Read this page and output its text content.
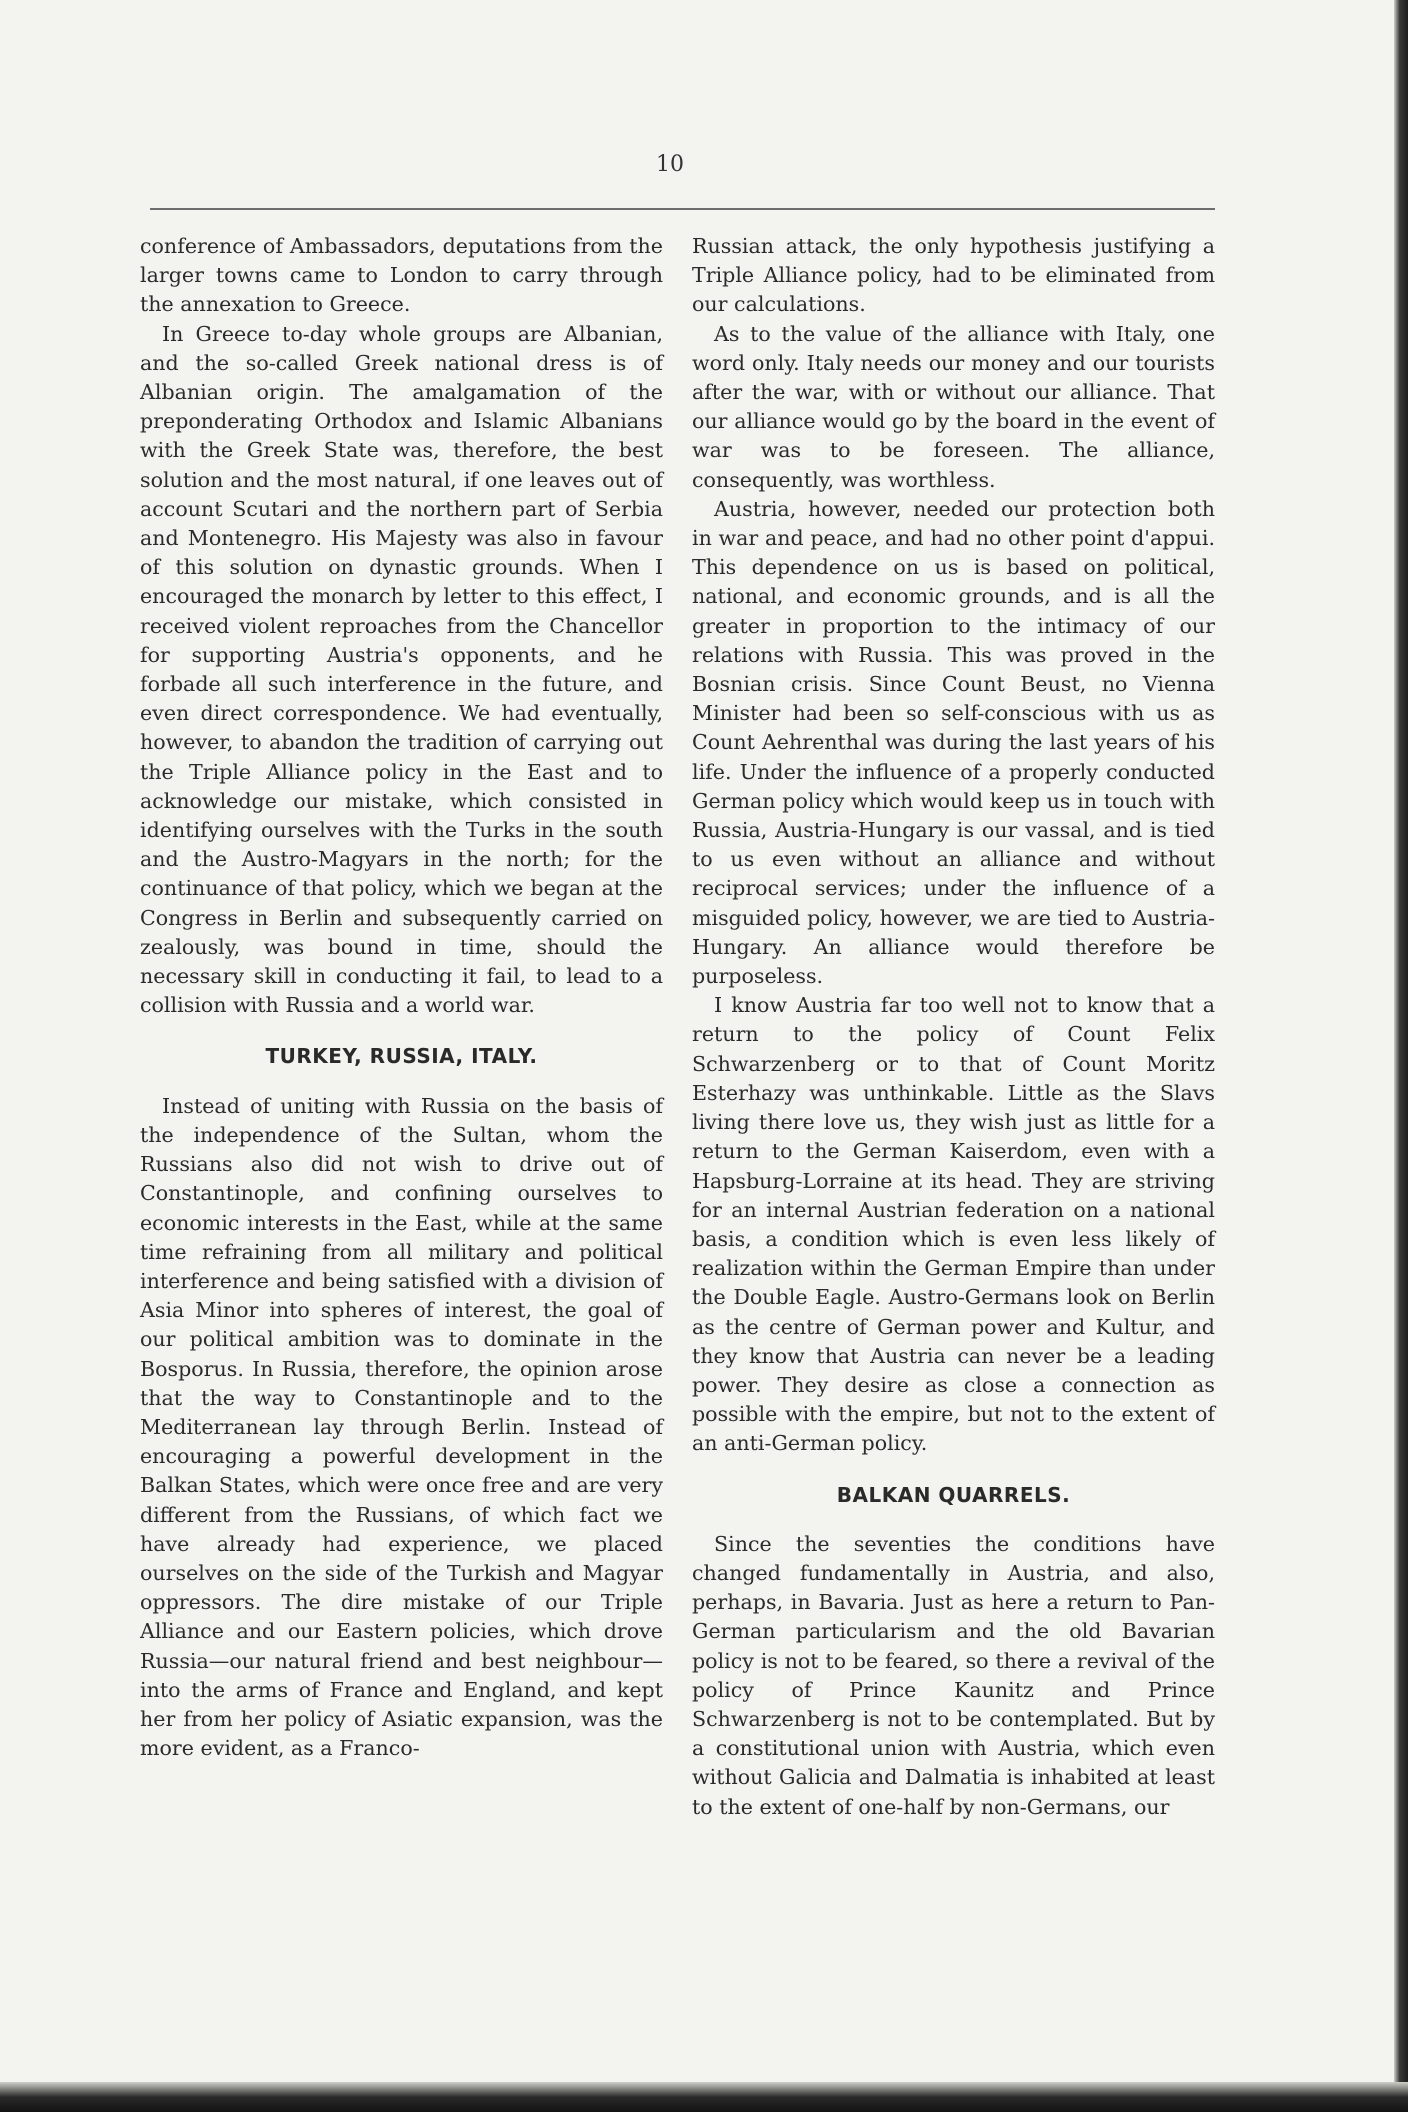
10

conference of Ambassadors, deputations from the larger towns came to London to carry through the annexation to Greece.

In Greece to-day whole groups are Albanian, and the so-called Greek national dress is of Albanian origin. The amalgamation of the preponderating Orthodox and Islamic Albanians with the Greek State was, therefore, the best solution and the most natural, if one leaves out of account Scutari and the northern part of Serbia and Montenegro. His Majesty was also in favour of this solution on dynastic grounds. When I encouraged the monarch by letter to this effect, I received violent reproaches from the Chancellor for supporting Austria's opponents, and he forbade all such interference in the future, and even direct correspondence. We had eventually, however, to abandon the tradition of carrying out the Triple Alliance policy in the East and to acknowledge our mistake, which consisted in identifying ourselves with the Turks in the south and the Austro-Magyars in the north; for the continuance of that policy, which we began at the Congress in Berlin and subsequently carried on zealously, was bound in time, should the necessary skill in conducting it fail, to lead to a collision with Russia and a world war.

TURKEY, RUSSIA, ITALY.

Instead of uniting with Russia on the basis of the independence of the Sultan, whom the Russians also did not wish to drive out of Constantinople, and confining ourselves to economic interests in the East, while at the same time refraining from all military and political interference and being satisfied with a division of Asia Minor into spheres of interest, the goal of our political ambition was to dominate in the Bosporus. In Russia, therefore, the opinion arose that the way to Constantinople and to the Mediterranean lay through Berlin. Instead of encouraging a powerful development in the Balkan States, which were once free and are very different from the Russians, of which fact we have already had experience, we placed ourselves on the side of the Turkish and Magyar oppressors. The dire mistake of our Triple Alliance and our Eastern policies, which drove Russia—our natural friend and best neighbour—into the arms of France and England, and kept her from her policy of Asiatic expansion, was the more evident, as a Franco-

Russian attack, the only hypothesis justifying a Triple Alliance policy, had to be eliminated from our calculations.

As to the value of the alliance with Italy, one word only. Italy needs our money and our tourists after the war, with or without our alliance. That our alliance would go by the board in the event of war was to be foreseen. The alliance, consequently, was worthless.

Austria, however, needed our protection both in war and peace, and had no other point d'appui. This dependence on us is based on political, national, and economic grounds, and is all the greater in proportion to the intimacy of our relations with Russia. This was proved in the Bosnian crisis. Since Count Beust, no Vienna Minister had been so self-conscious with us as Count Aehrenthal was during the last years of his life. Under the influence of a properly conducted German policy which would keep us in touch with Russia, Austria-Hungary is our vassal, and is tied to us even without an alliance and without reciprocal services; under the influence of a misguided policy, however, we are tied to Austria-Hungary. An alliance would therefore be purposeless.

I know Austria far too well not to know that a return to the policy of Count Felix Schwarzenberg or to that of Count Moritz Esterhazy was unthinkable. Little as the Slavs living there love us, they wish just as little for a return to the German Kaiserdom, even with a Hapsburg-Lorraine at its head. They are striving for an internal Austrian federation on a national basis, a condition which is even less likely of realization within the German Empire than under the Double Eagle. Austro-Germans look on Berlin as the centre of German power and Kultur, and they know that Austria can never be a leading power. They desire as close a connection as possible with the empire, but not to the extent of an anti-German policy.

BALKAN QUARRELS.

Since the seventies the conditions have changed fundamentally in Austria, and also, perhaps, in Bavaria. Just as here a return to Pan-German particularism and the old Bavarian policy is not to be feared, so there a revival of the policy of Prince Kaunitz and Prince Schwarzenberg is not to be contemplated. But by a constitutional union with Austria, which even without Galicia and Dalmatia is inhabited at least to the extent of one-half by non-Germans, our
